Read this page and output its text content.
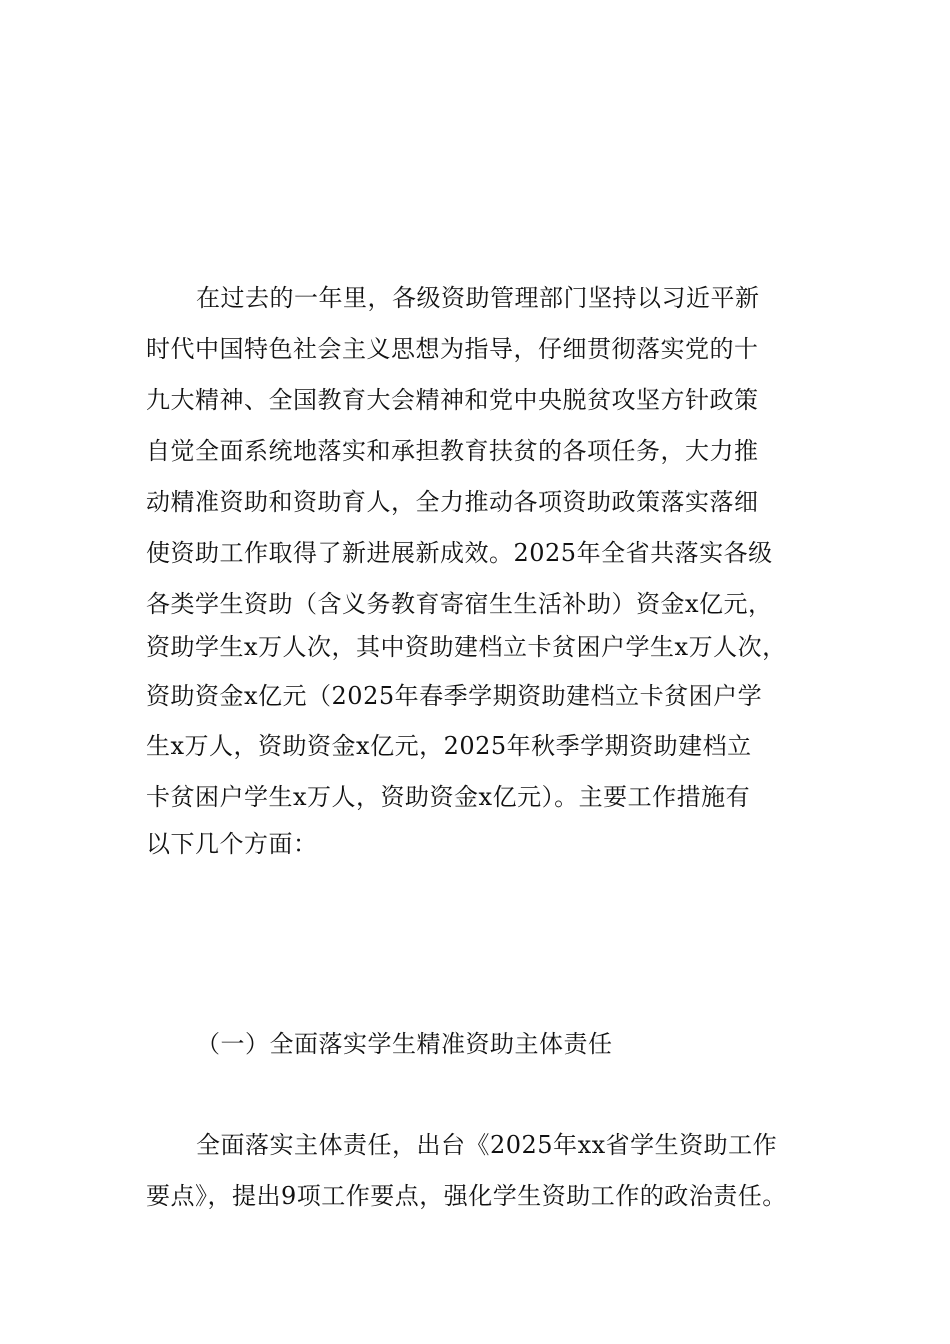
在过去的一年里，各级资助管理部门坚持以习近平新
时代中国特色社会主义思想为指导，仔细贯彻落实党的十
九大精神、全国教育大会精神和党中央脱贫攻坚方针政策
自觉全面系统地落实和承担教育扶贫的各项任务，大力推
动精准资助和资助育人，全力推动各项资助政策落实落细
使资助工作取得了新进展新成效。2025年全省共落实各级
各类学生资助（含义务教育寄宿生生活补助）资金x亿元，
资助学生x万人次，其中资助建档立卡贫困户学生x万人次，
资助资金x亿元（2025年春季学期资助建档立卡贫困户学
生x万人，资助资金x亿元，2025年秋季学期资助建档立
卡贫困户学生x万人，资助资金x亿元）。主要工作措施有
以下几个方面：
（一）全面落实学生精准资助主体责任
全面落实主体责任，出台《2025年xx省学生资助工作
要点》，提出9项工作要点，强化学生资助工作的政治责任。
